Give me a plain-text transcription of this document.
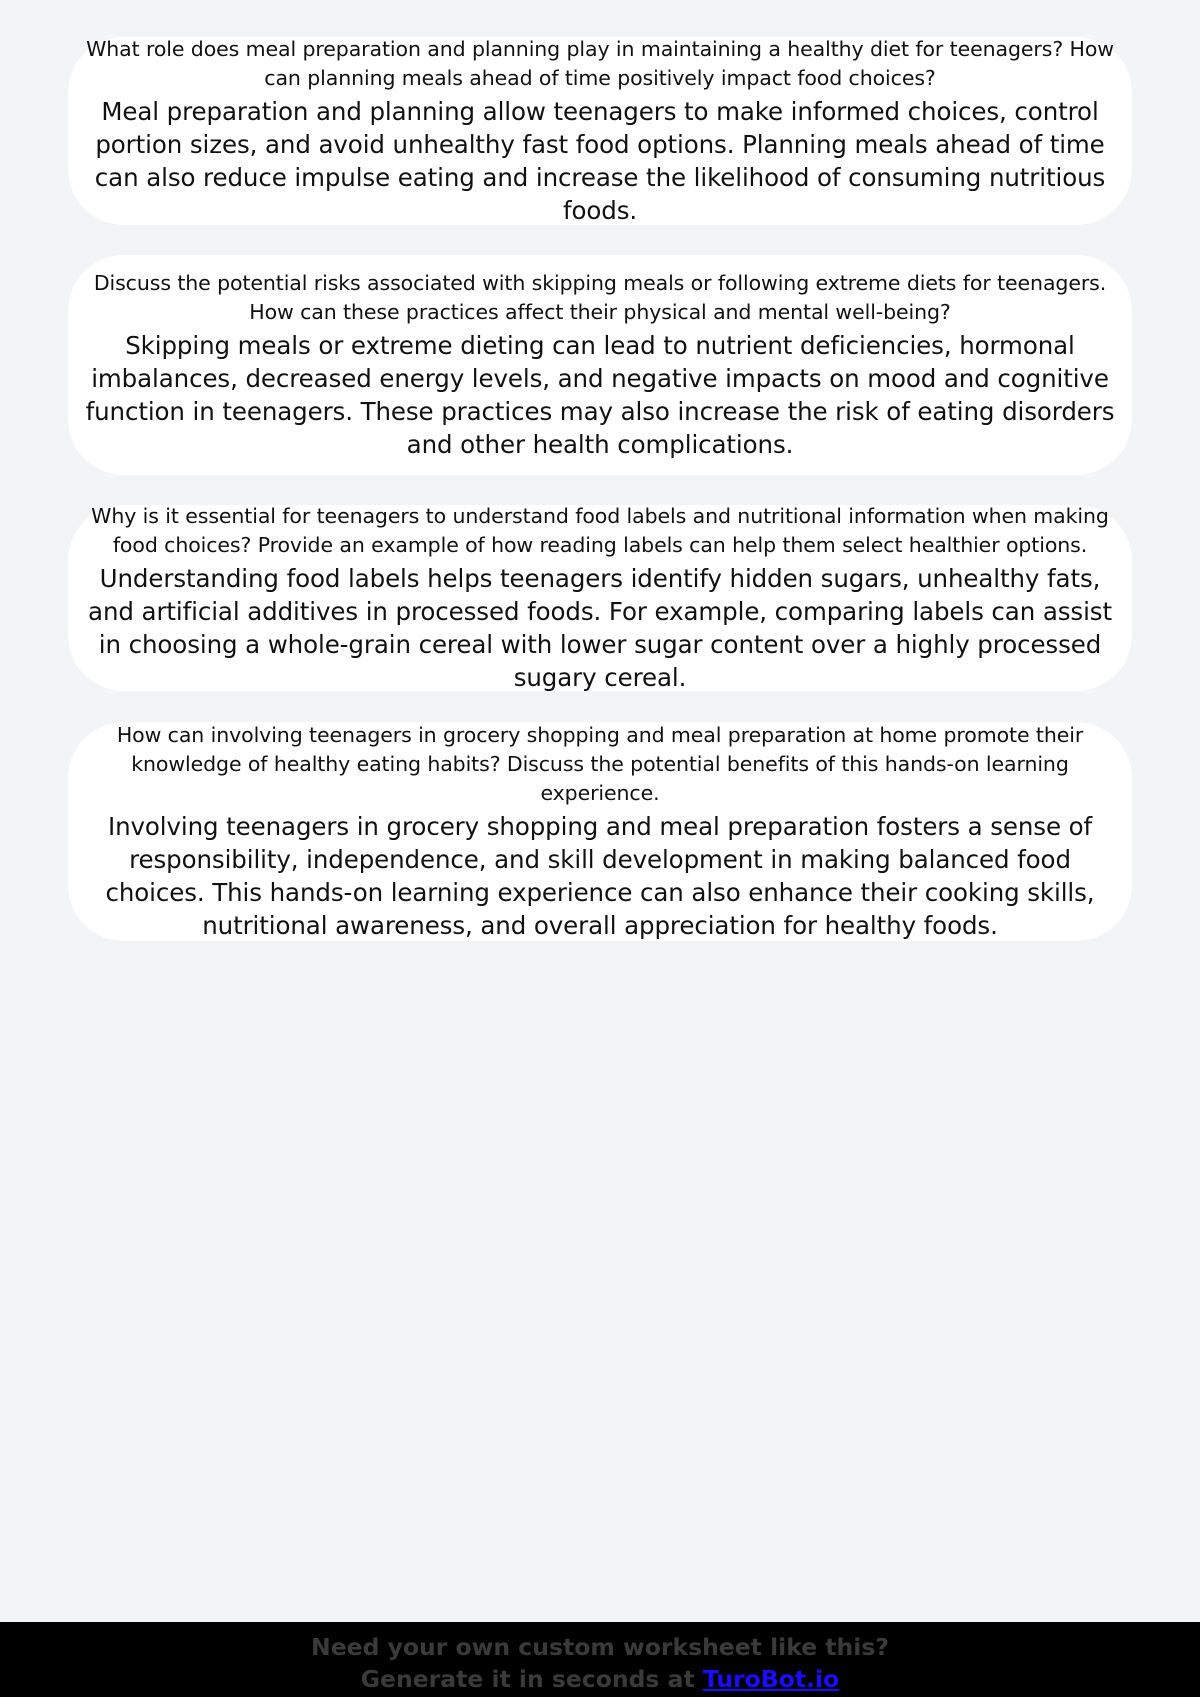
What role does meal preparation and planning play in maintaining a healthy diet for teenagers? How can planning meals ahead of time positively impact food choices?

Meal preparation and planning allow teenagers to make informed choices, control portion sizes, and avoid unhealthy fast food options. Planning meals ahead of time can also reduce impulse eating and increase the likelihood of consuming nutritious foods.

Discuss the potential risks associated with skipping meals or following extreme diets for teenagers. How can these practices affect their physical and mental well-being?

Skipping meals or extreme dieting can lead to nutrient deficiencies, hormonal imbalances, decreased energy levels, and negative impacts on mood and cognitive function in teenagers. These practices may also increase the risk of eating disorders and other health complications.

Why is it essential for teenagers to understand food labels and nutritional information when making food choices? Provide an example of how reading labels can help them select healthier options.

Understanding food labels helps teenagers identify hidden sugars, unhealthy fats, and artificial additives in processed foods. For example, comparing labels can assist in choosing a whole-grain cereal with lower sugar content over a highly processed sugary cereal.

How can involving teenagers in grocery shopping and meal preparation at home promote their knowledge of healthy eating habits? Discuss the potential benefits of this hands-on learning experience.

Involving teenagers in grocery shopping and meal preparation fosters a sense of responsibility, independence, and skill development in making balanced food choices. This hands-on learning experience can also enhance their cooking skills, nutritional awareness, and overall appreciation for healthy foods.

Need your own custom worksheet like this?
Generate it in seconds at TuroBot.io
